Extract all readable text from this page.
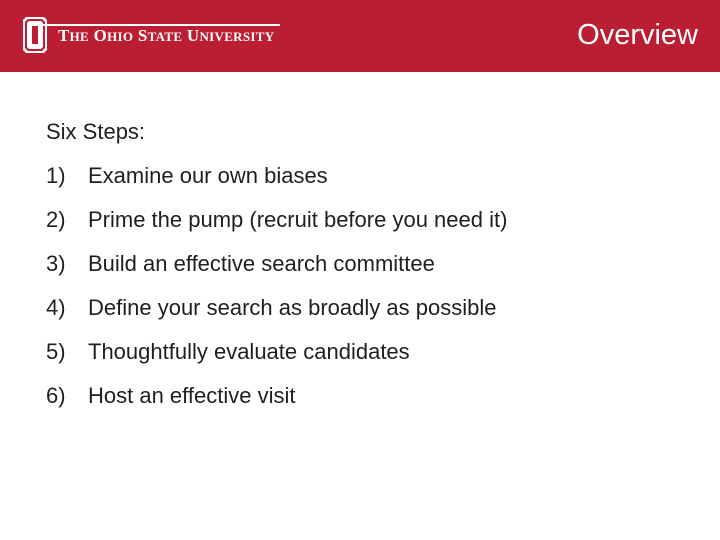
THE OHIO STATE UNIVERSITY	Overview

Six Steps:

1)	Examine our own biases
2)	Prime the pump (recruit before you need it)
3)	Build an effective search committee
4)	Define your search as broadly as possible
5)	Thoughtfully evaluate candidates
6)	Host an effective visit
